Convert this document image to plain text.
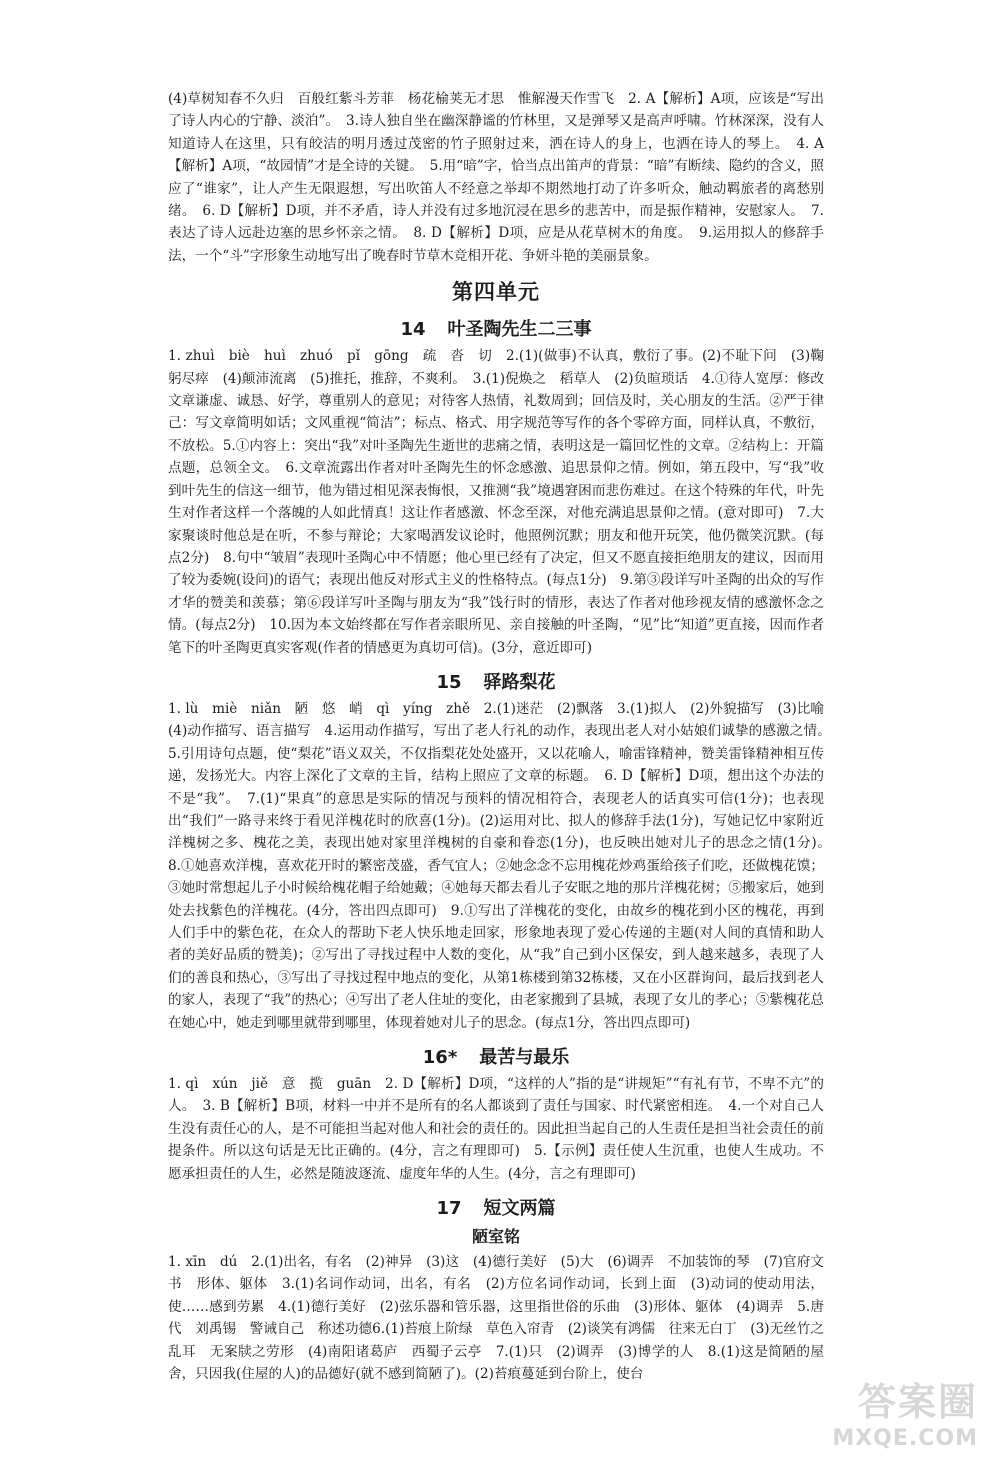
(4)草树知春不久归　百般红紫斗芳菲　杨花榆荚无才思　惟解漫天作雪飞　2. A【解析】A项，应该是“写出了诗人内心的宁静、淡泊”。　3.诗人独自坐在幽深静谧的竹林里，又是弹琴又是高声呼啸。竹林深深，没有人知道诗人在这里，只有皎洁的明月透过茂密的竹子照射过来，洒在诗人的身上，也洒在诗人的琴上。　4. A【解析】A项，“故园情”才是全诗的关键。　5.用“暗”字，恰当点出笛声的背景：“暗”有断续、隐约的含义，照应了“谁家”，让人产生无限遐想，写出吹笛人不经意之举却不期然地打动了许多听众，触动羁旅者的离愁别绪。　6. D【解析】D项，并不矛盾，诗人并没有过多地沉浸在思乡的悲苦中，而是振作精神，安慰家人。　7.表达了诗人远赴边塞的思乡怀亲之情。　8. D【解析】D项，应是从花草树木的角度。　9.运用拟人的修辞手法，一个“斗”字形象生动地写出了晚春时节草木竞相开花、争妍斗艳的美丽景象。

第四单元
14 叶圣陶先生二三事

1. zhuì　biè　huì　zhuó　pǐ　gōng　疏　沓　切　2.(1)(做事)不认真，敷衍了事。(2)不耻下问　(3)鞠躬尽瘁　(4)颠沛流离　(5)推托，推辞，不爽利。　3.(1)倪焕之　稻草人　(2)负暄琐话　4.①待人宽厚：修改文章谦虚、诚恳、好学，尊重别人的意见；对待客人热情，礼数周到；回信及时，关心朋友的生活。②严于律己：写文章简明如话；文风重视“简洁”；标点、格式、用字规范等写作的各个零碎方面，同样认真，不敷衍，不放松。5.①内容上：突出“我”对叶圣陶先生逝世的悲痛之情，表明这是一篇回忆性的文章。②结构上：开篇点题，总领全文。　6.文章流露出作者对叶圣陶先生的怀念感激、追思景仰之情。例如，第五段中，写“我”收到叶先生的信这一细节，他为错过相见深表悔恨，又推测“我”境遇窘困而悲伤难过。在这个特殊的年代，叶先生对作者这样一个落魄的人如此情真！这让作者感激、怀念至深，对他充满追思景仰之情。(意对即可)　7.大家聚谈时他总是在听，不参与辩论；大家喝酒发议论时，他照例沉默；朋友和他开玩笑，他仍微笑沉默。(每点2分)　8.句中“皱眉”表现叶圣陶心中不情愿；他心里已经有了决定，但又不愿直接拒绝朋友的建议，因而用了较为委婉(设问)的语气；表现出他反对形式主义的性格特点。(每点1分)　9.第③段详写叶圣陶的出众的写作才华的赞美和羡慕；第⑥段详写叶圣陶与朋友为“我”饯行时的情形，表达了作者对他珍视友情的感激怀念之情。(每点2分)　10.因为本文始终都在写作者亲眼所见、亲自接触的叶圣陶，“见”比“知道”更直接，因而作者笔下的叶圣陶更真实客观(作者的情感更为真切可信)。(3分，意近即可)

15 驿路梨花

1. lù　miè　niǎn　陋　悠　峭　qì　yíng　zhě　2.(1)迷茫　(2)飘落　3.(1)拟人　(2)外貌描写　(3)比喻　(4)动作描写、语言描写　4.运用动作描写，写出了老人行礼的动作，表现出老人对小姑娘们诚挚的感激之情。　5.引用诗句点题，使“梨花”语义双关，不仅指梨花处处盛开，又以花喻人，喻雷锋精神，赞美雷锋精神相互传递，发扬光大。内容上深化了文章的主旨，结构上照应了文章的标题。　6. D【解析】D项，想出这个办法的不是“我”。　7.(1)“果真”的意思是实际的情况与预料的情况相符合，表现老人的话真实可信(1分)；也表现出“我们”一路寻来终于看见洋槐花时的欣喜(1分)。(2)运用对比、拟人的修辞手法(1分)，写她记忆中家附近洋槐树之多、槐花之美，表现出她对家里洋槐树的自豪和眷恋(1分)，也反映出她对儿子的思念之情(1分)。　8.①她喜欢洋槐，喜欢花开时的繁密茂盛，香气宜人；②她念念不忘用槐花炒鸡蛋给孩子们吃，还做槐花馍；③她时常想起儿子小时候给槐花帽子给她戴；④她每天都去看儿子安眠之地的那片洋槐花树；⑤搬家后，她到处去找紫色的洋槐花。(4分，答出四点即可)　9.①写出了洋槐花的变化，由故乡的槐花到小区的槐花，再到人们手中的紫色花，在众人的帮助下老人快乐地走回家，形象地表现了爱心传递的主题(对人间的真情和助人者的美好品质的赞美)；②写出了寻找过程中人数的变化，从“我”自己到小区保安，到人越来越多，表现了人们的善良和热心，③写出了寻找过程中地点的变化，从第1栋楼到第32栋楼，又在小区群询问，最后找到老人的家人，表现了“我”的热心；④写出了老人住址的变化，由老家搬到了县城，表现了女儿的孝心；⑤紫槐花总在她心中，她走到哪里就带到哪里，体现着她对儿子的思念。(每点1分，答出四点即可)

16* 最苦与最乐

1. qì　xún　jiě　意　揽　guān　2. D【解析】D项，“这样的人”指的是“讲规矩”“有礼有节，不卑不亢”的人。　3. B【解析】B项，材料一中并不是所有的名人都谈到了责任与国家、时代紧密相连。　4.一个对自己人生没有责任心的人，是不可能担当起对他人和社会的责任的。因此担当起自己的人生责任是担当社会责任的前提条件。所以这句话是无比正确的。(4分，言之有理即可)　5.【示例】责任使人生沉重，也使人生成功。不愿承担责任的人生，必然是随波逐流、虚度年华的人生。(4分，言之有理即可)

17 短文两篇
陋室铭

1. xīn　dú　2.(1)出名，有名　(2)神异　(3)这　(4)德行美好　(5)大　(6)调弄　不加装饰的琴　(7)官府文书　形体、躯体　3.(1)名词作动词，出名，有名　(2)方位名词作动词，长到上面　(3)动词的使动用法，使……感到劳累　4.(1)德行美好　(2)弦乐器和管乐器，这里指世俗的乐曲　(3)形体、躯体　(4)调弄　5.唐代　刘禹锡　警诫自己　称述功德6.(1)苔痕上阶绿　草色入帘青　(2)谈笑有鸿儒　往来无白丁　(3)无丝竹之乱耳　无案牍之劳形　(4)南阳诸葛庐　西蜀子云亭　7.(1)只　(2)调弄　(3)博学的人　8.(1)这是简陋的屋舍，只因我(住屋的人)的品德好(就不感到简陋了)。(2)苔痕蔓延到台阶上，使台

答案圈
MXQE.COM
